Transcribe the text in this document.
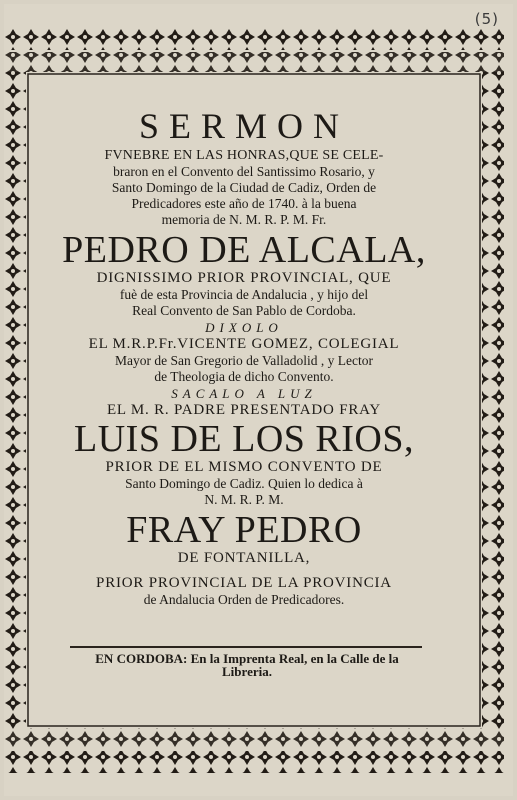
(5)
SERMON
FVNEBRE EN LAS HONRAS,QUE SE CELE-
braron en el Convento del Santissimo Rosario, y
Santo Domingo de la Ciudad de Cadiz, Orden de
Predicadores este año de 1740. à la buena
memoria de N. M. R. P. M. Fr.
PEDRO DE ALCALA,
DIGNISSIMO PRIOR PROVINCIAL, QUE
fuè de esta Provincia de Andalucia , y hijo del
Real Convento de San Pablo de Cordoba.
DIXOLO
EL M.R.P.Fr.VICENTE GOMEZ, COLEGIAL
Mayor de San Gregorio de Valladolid , y Lector
de Theologia de dicho Convento.
SACALO A LUZ
EL M. R. PADRE PRESENTADO FRAY
LUIS DE LOS RIOS,
PRIOR DE EL MISMO CONVENTO DE
Santo Domingo de Cadiz. Quien lo dedica à
N. M. R. P. M.
FRAY PEDRO
DE FONTANILLA,
PRIOR PROVINCIAL DE LA PROVINCIA
de Andalucia Orden de Predicadores.
EN CORDOBA: En la Imprenta Real, en la Calle de la
Libreria.
